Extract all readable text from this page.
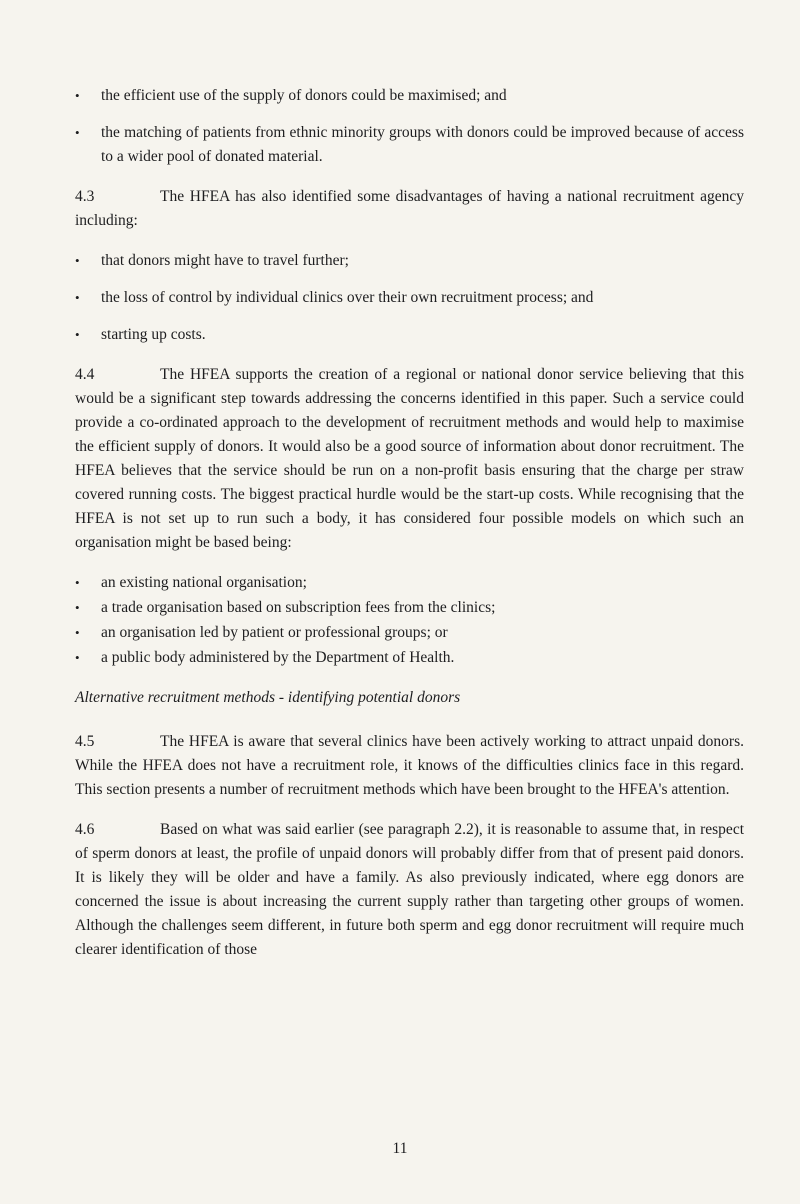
•	the efficient use of the supply of donors could be maximised; and
•	the matching of patients from ethnic minority groups with donors could be improved because of access to a wider pool of donated material.

4.3	The HFEA has also identified some disadvantages of having a national recruitment agency including:

•	that donors might have to travel further;
•	the loss of control by individual clinics over their own recruitment process; and
•	starting up costs.

4.4	The HFEA supports the creation of a regional or national donor service believing that this would be a significant step towards addressing the concerns identified in this paper. Such a service could provide a co-ordinated approach to the development of recruitment methods and would help to maximise the efficient supply of donors. It would also be a good source of information about donor recruitment. The HFEA believes that the service should be run on a non-profit basis ensuring that the charge per straw covered running costs. The biggest practical hurdle would be the start-up costs. While recognising that the HFEA is not set up to run such a body, it has considered four possible models on which such an organisation might be based being:

•	an existing national organisation;
•	a trade organisation based on subscription fees from the clinics;
•	an organisation led by patient or professional groups; or
•	a public body administered by the Department of Health.

Alternative recruitment methods - identifying potential donors

4.5	The HFEA is aware that several clinics have been actively working to attract unpaid donors. While the HFEA does not have a recruitment role, it knows of the difficulties clinics face in this regard. This section presents a number of recruitment methods which have been brought to the HFEA's attention.

4.6	Based on what was said earlier (see paragraph 2.2), it is reasonable to assume that, in respect of sperm donors at least, the profile of unpaid donors will probably differ from that of present paid donors. It is likely they will be older and have a family. As also previously indicated, where egg donors are concerned the issue is about increasing the current supply rather than targeting other groups of women. Although the challenges seem different, in future both sperm and egg donor recruitment will require much clearer identification of those

11
